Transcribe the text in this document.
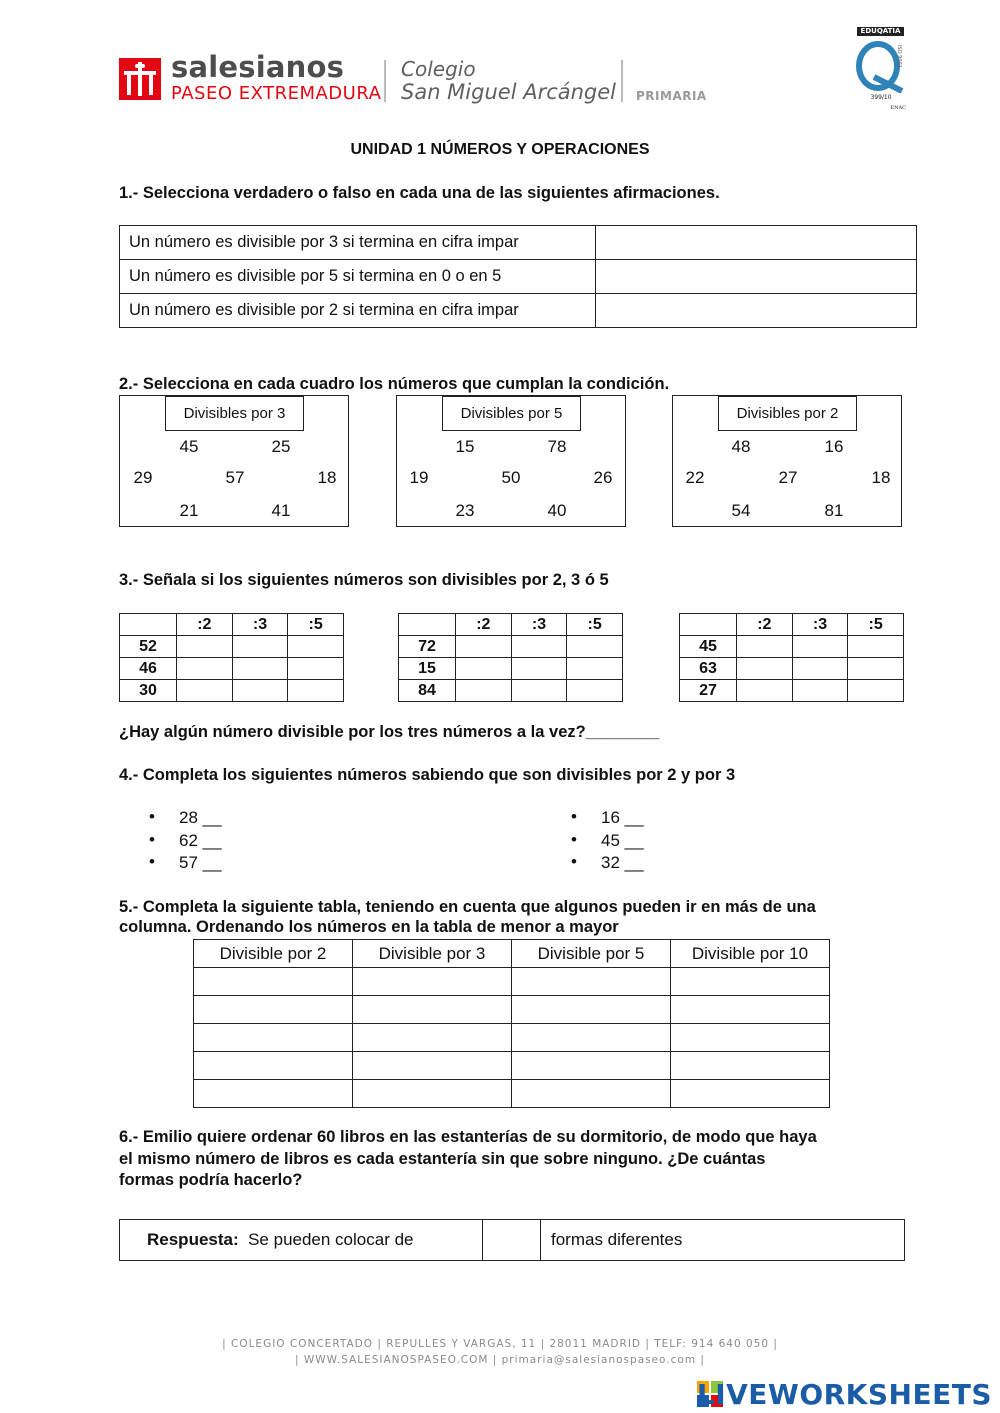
salesianos
PASEO EXTREMADURA
Colegio
San Miguel Arcángel PRIMARIA
EDUQATIA
ISO 9001
399/10
ENAC
UNIDAD 1 NÚMEROS Y OPERACIONES
1.- Selecciona verdadero o falso en cada una de las siguientes afirmaciones.
Un número es divisible por 3 si termina en cifra impar	
Un número es divisible por 5 si termina en 0 o en 5	
Un número es divisible por 2 si termina en cifra impar	
2.- Selecciona en cada cuadro los números que cumplan la condición.
Divisibles por 3
45	25
29	57	18
21	41
Divisibles por 5
15	78
19	50	26
23	40
Divisibles por 2
48	16
22	27	18
54	81
3.- Señala si los siguientes números son divisibles por 2, 3 ó 5
	:2	:3	:5
52			
46			
30			
	:2	:3	:5
72			
15			
84			
	:2	:3	:5
45			
63			
27			
¿Hay algún número divisible por los tres números a la vez?________
4.- Completa los siguientes números sabiendo que son divisibles por 2 y por 3
• 28 __
• 62 __
• 57 __
• 16 __
• 45 __
• 32 __
5.- Completa la siguiente tabla, teniendo en cuenta que algunos pueden ir en más de una
columna. Ordenando los números en la tabla de menor a mayor
Divisible por 2	Divisible por 3	Divisible por 5	Divisible por 10

6.- Emilio quiere ordenar 60 libros en las estanterías de su dormitorio, de modo que haya
el mismo número de libros es cada estantería sin que sobre ninguno. ¿De cuántas
formas podría hacerlo?
Respuesta: Se pueden colocar de		formas diferentes
| COLEGIO CONCERTADO | REPULLES Y VARGAS, 11 | 28011 MADRID | TELF: 914 640 050 |
| WWW.SALESIANOSPASEO.COM | primaria@salesianospaseo.com |
LIVEWORKSHEETS
